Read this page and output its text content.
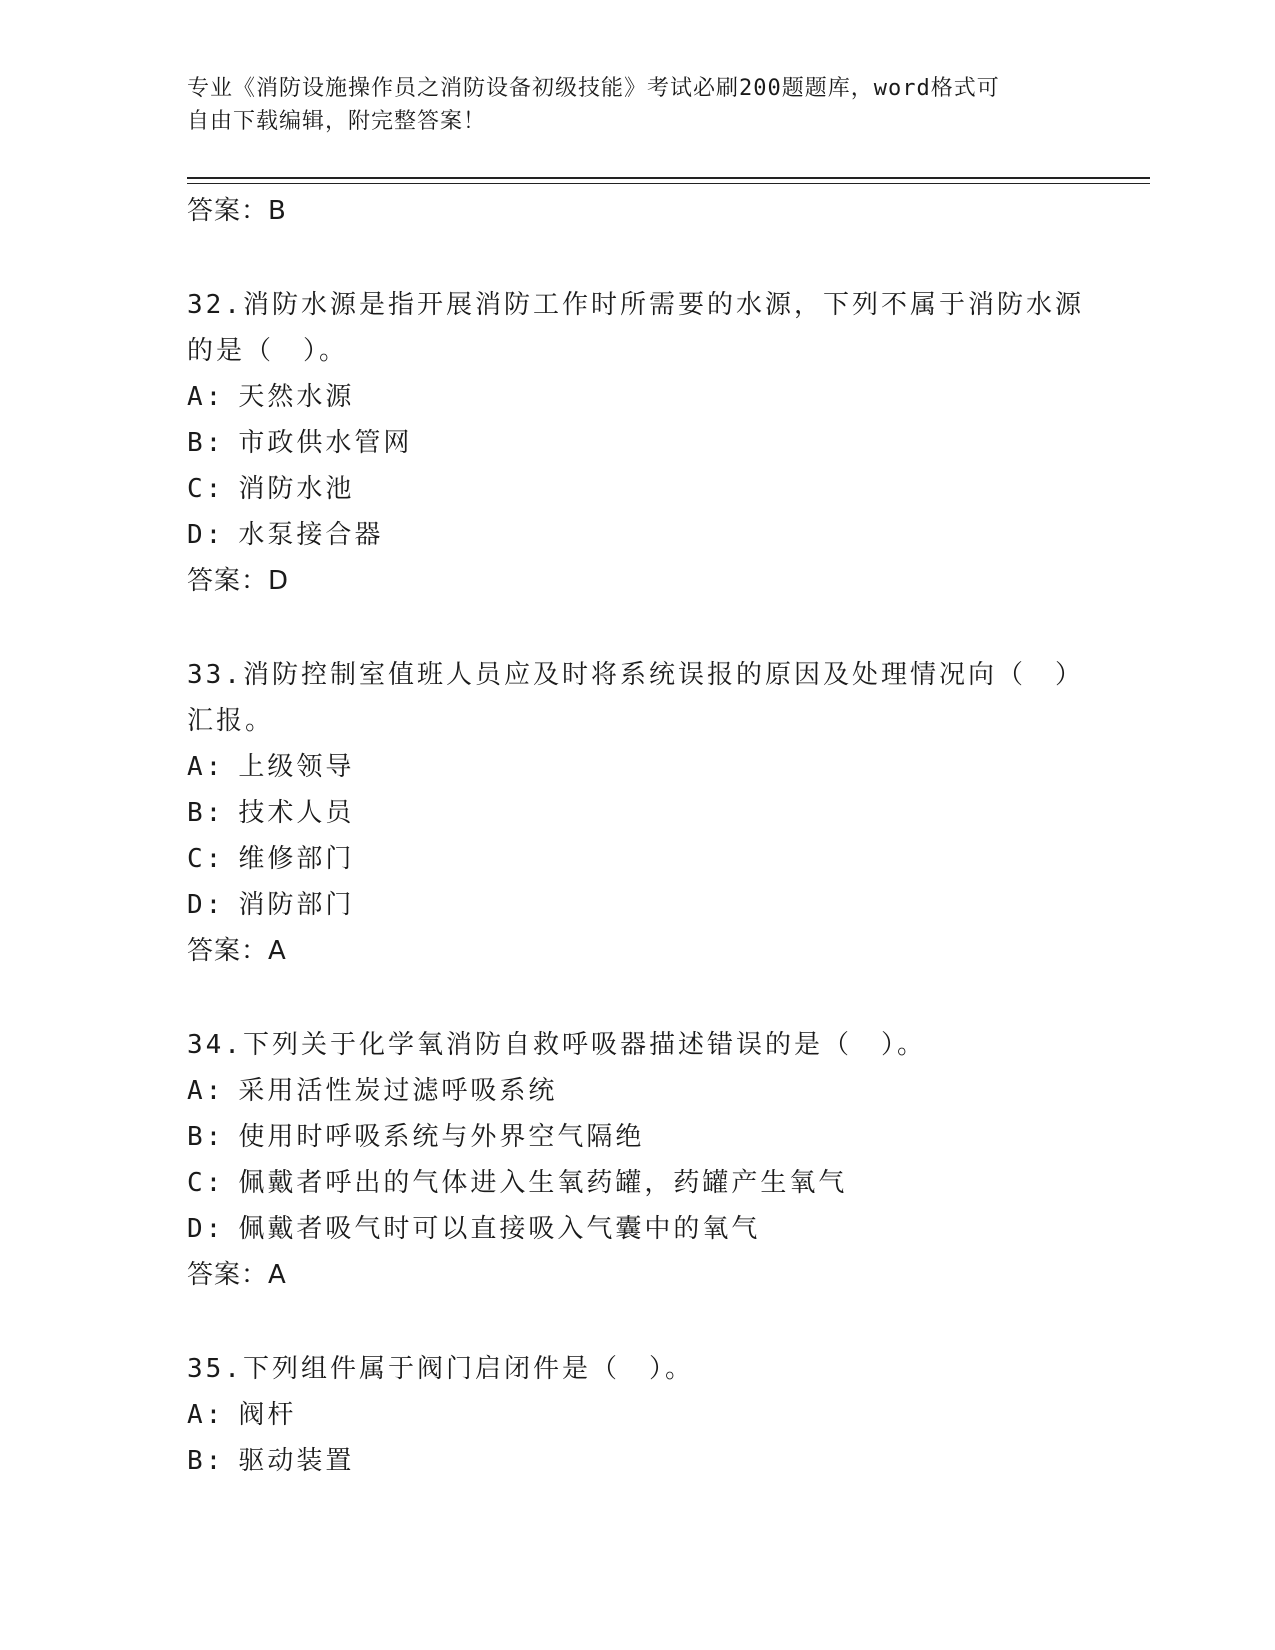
专业《消防设施操作员之消防设备初级技能》考试必刷200题题库，word格式可
自由下载编辑，附完整答案！

答案：B

32.消防水源是指开展消防工作时所需要的水源，下列不属于消防水源

的是（　）。

A: 天然水源

B: 市政供水管网

C: 消防水池

D: 水泵接合器

答案：D

33.消防控制室值班人员应及时将系统误报的原因及处理情况向（　）

汇报。

A: 上级领导

B: 技术人员

C: 维修部门

D: 消防部门

答案：A

34.下列关于化学氧消防自救呼吸器描述错误的是（　）。

A: 采用活性炭过滤呼吸系统

B: 使用时呼吸系统与外界空气隔绝

C: 佩戴者呼出的气体进入生氧药罐，药罐产生氧气

D: 佩戴者吸气时可以直接吸入气囊中的氧气

答案：A

35.下列组件属于阀门启闭件是（　）。

A: 阀杆

B: 驱动装置
